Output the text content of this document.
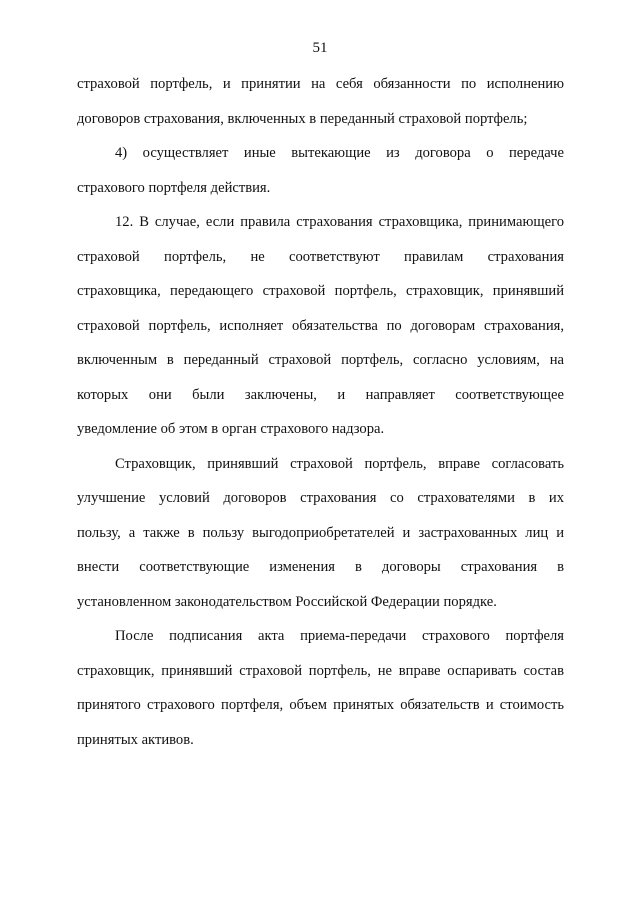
51
страховой портфель, и принятии на себя обязанности по исполнению
договоров страхования, включенных в переданный страховой портфель;
4) осуществляет иные вытекающие из договора о передаче
страхового портфеля действия.
12. В случае, если правила страхования страховщика, принимающего
страховой портфель, не соответствуют правилам страхования
страховщика, передающего страховой портфель, страховщик, принявший
страховой портфель, исполняет обязательства по договорам страхования,
включенным в переданный страховой портфель, согласно условиям, на
которых они были заключены, и направляет соответствующее
уведомление об этом в орган страхового надзора.
Страховщик, принявший страховой портфель, вправе согласовать
улучшение условий договоров страхования со страхователями в их
пользу, а также в пользу выгодоприобретателей и застрахованных лиц и
внести соответствующие изменения в договоры страхования в
установленном законодательством Российской Федерации порядке.
После подписания акта приема-передачи страхового портфеля
страховщик, принявший страховой портфель, не вправе оспаривать состав
принятого страхового портфеля, объем принятых обязательств и стоимость
принятых активов.
